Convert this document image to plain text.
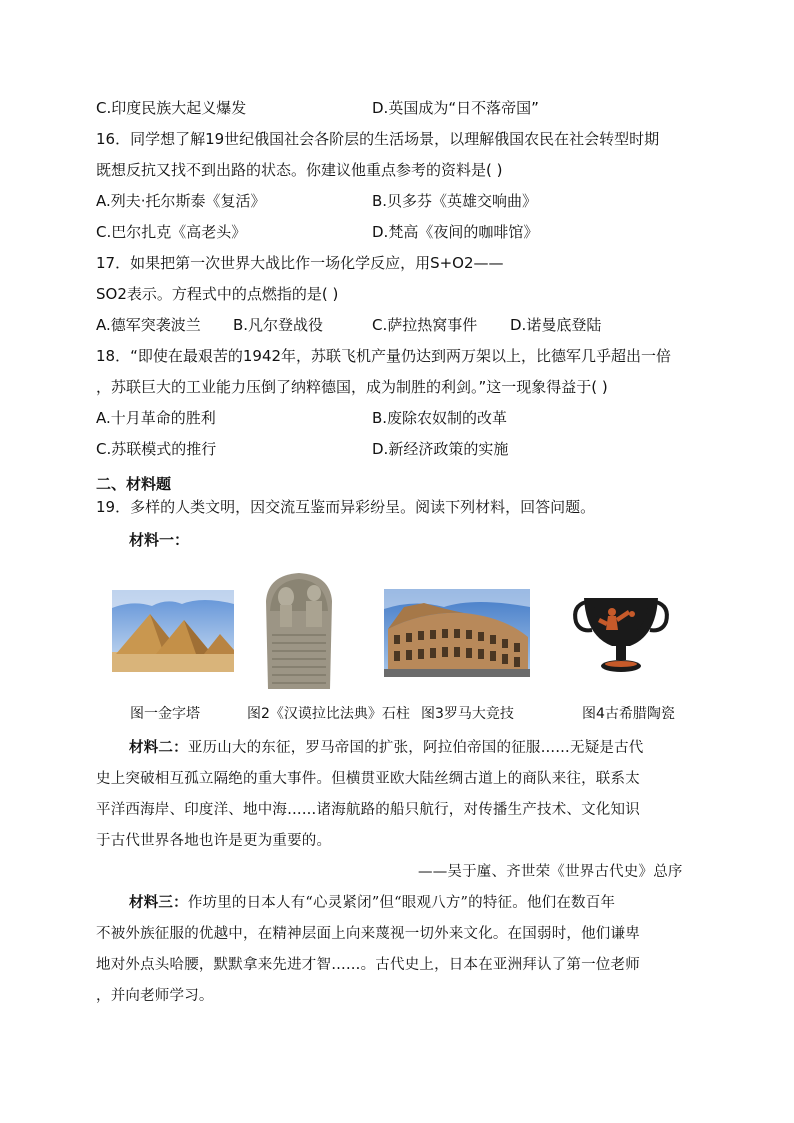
C.印度民族大起义爆发	D.英国成为“日不落帝国”
16．同学想了解19世纪俄国社会各阶层的生活场景，以理解俄国农民在社会转型时期
既想反抗又找不到出路的状态。你建议他重点参考的资料是( )
A.列夫·托尔斯泰《复活》	B.贝多芬《英雄交响曲》
C.巴尔扎克《高老头》	D.梵高《夜间的咖啡馆》
17．如果把第一次世界大战比作一场化学反应，用S+O2——
SO2表示。方程式中的点燃指的是( )
A.德军突袭波兰 B.凡尔登战役	C.萨拉热窝事件 D.诺曼底登陆
18．“即使在最艰苦的1942年，苏联飞机产量仍达到两万架以上，比德军几乎超出一倍
，苏联巨大的工业能力压倒了纳粹德国，成为制胜的利剑。”这一现象得益于( )
A.十月革命的胜利	B.废除农奴制的改革
C.苏联模式的推行	D.新经济政策的实施
二、材料题
19．多样的人类文明，因交流互鉴而异彩纷呈。阅读下列材料，回答问题。
材料一：
图一金字塔	图2《汉谟拉比法典》石柱 图3罗马大竞技	图4古希腊陶瓷
材料二：亚历山大的东征，罗马帝国的扩张，阿拉伯帝国的征服……无疑是古代
史上突破相互孤立隔绝的重大事件。但横贯亚欧大陆丝绸古道上的商队来往，联系太
平洋西海岸、印度洋、地中海……诸海航路的船只航行，对传播生产技术、文化知识
于古代世界各地也许是更为重要的。
——吴于廑、齐世荣《世界古代史》总序
材料三：作坊里的日本人有“心灵紧闭”但“眼观八方”的特征。他们在数百年
不被外族征服的优越中，在精神层面上向来蔑视一切外来文化。在国弱时，他们谦卑
地对外点头哈腰，默默拿来先进才智……。古代史上，日本在亚洲拜认了第一位老师
，并向老师学习。
